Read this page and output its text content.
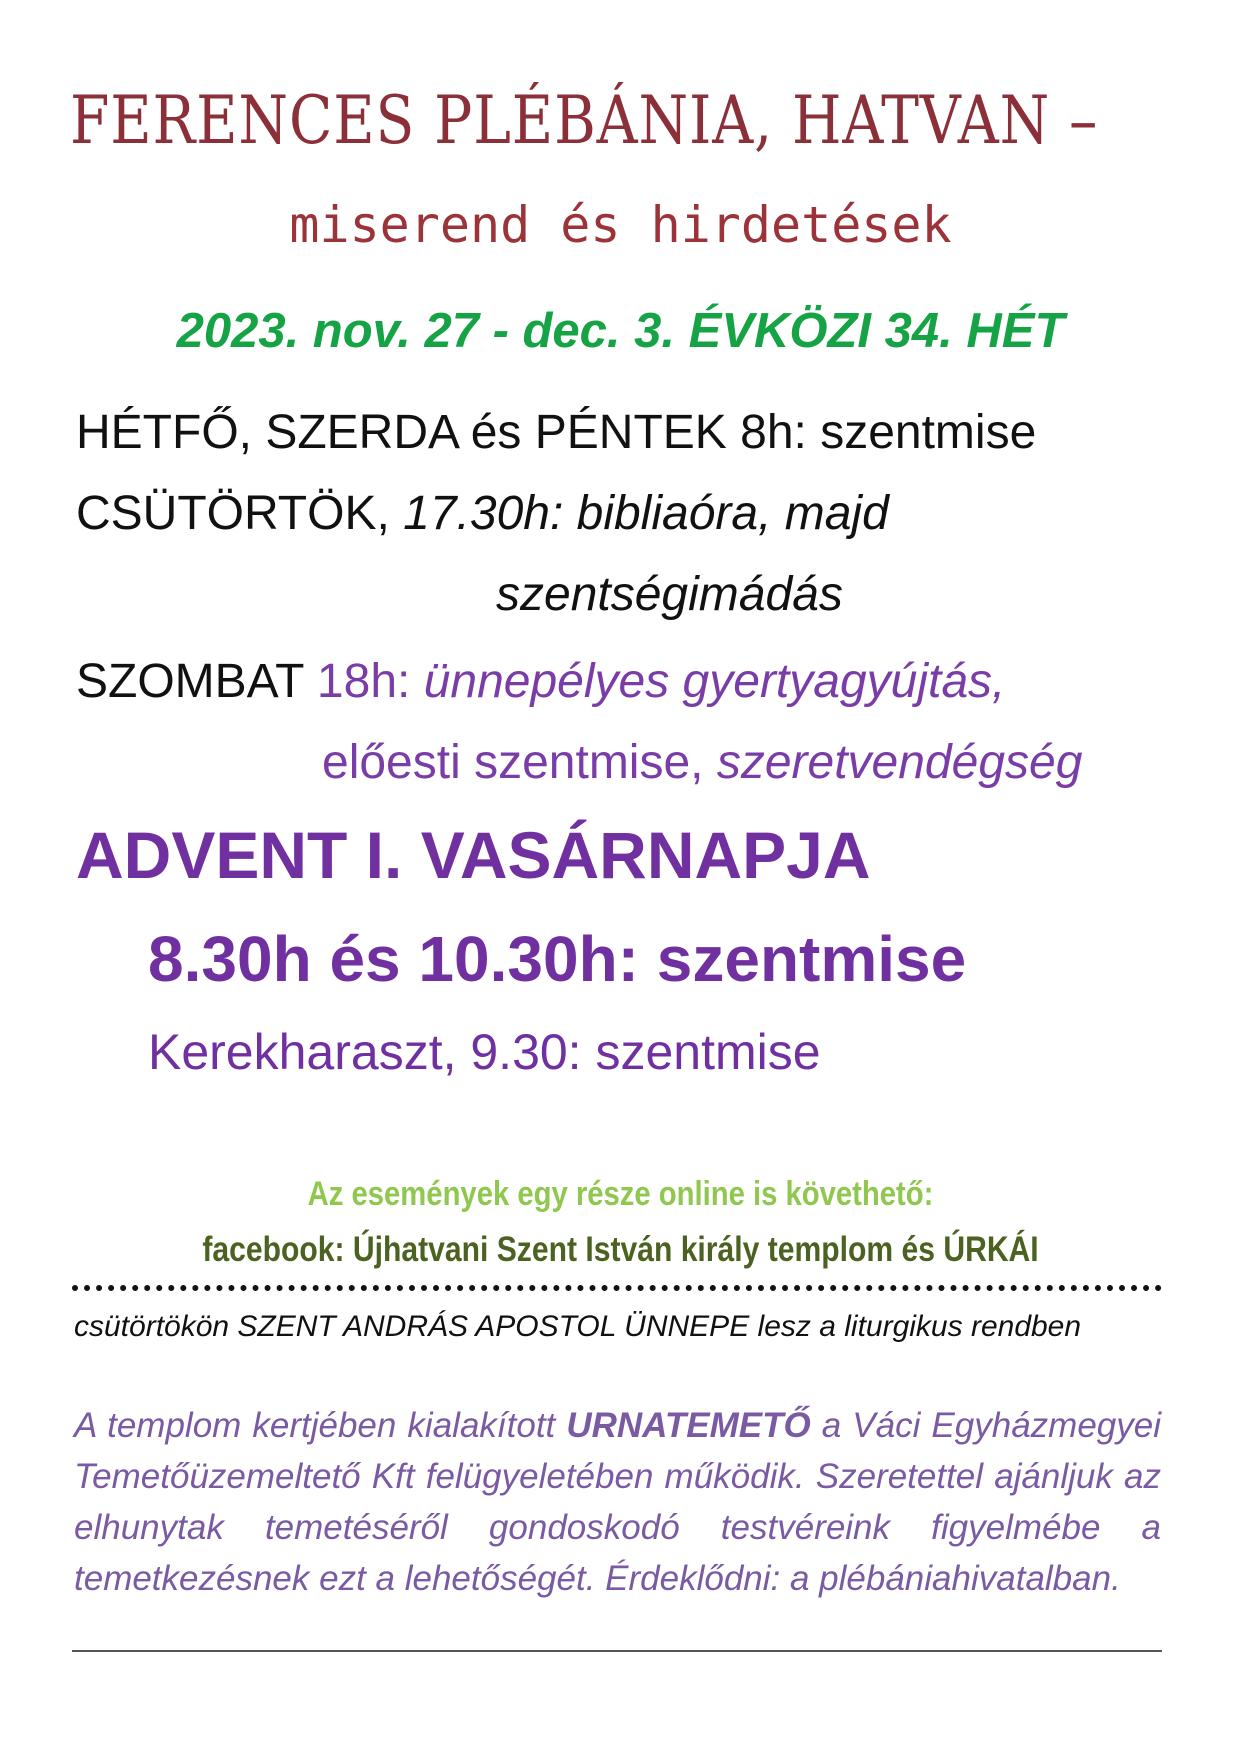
FERENCES PLÉBÁNIA, HATVAN –
miserend és hirdetések
2023. nov. 27 - dec. 3. ÉVKÖZI 34. HÉT
HÉTFŐ, SZERDA és PÉNTEK 8h: szentmise
CSÜTÖRTÖK, 17.30h: bibliaóra, majd
szentségimádás
SZOMBAT 18h: ünnepélyes gyertyagyújtás,
előesti szentmise, szeretvendégség
ADVENT I. VASÁRNAPJA
8.30h és 10.30h: szentmise
Kerekharaszt, 9.30: szentmise
Az események egy része online is követhető:
facebook: Újhatvani Szent István király templom és ÚRKÁI
csütörtökön SZENT ANDRÁS APOSTOL ÜNNEPE lesz a liturgikus rendben
A templom kertjében kialakított URNATEMETŐ a Váci Egyházmegyei Temetőüzemeltető Kft felügyeletében működik. Szeretettel ajánljuk az elhunytak temetéséről gondoskodó testvéreink figyelmébe a temetkezésnek ezt a lehetőségét. Érdeklődni: a plébániahivatalban.
